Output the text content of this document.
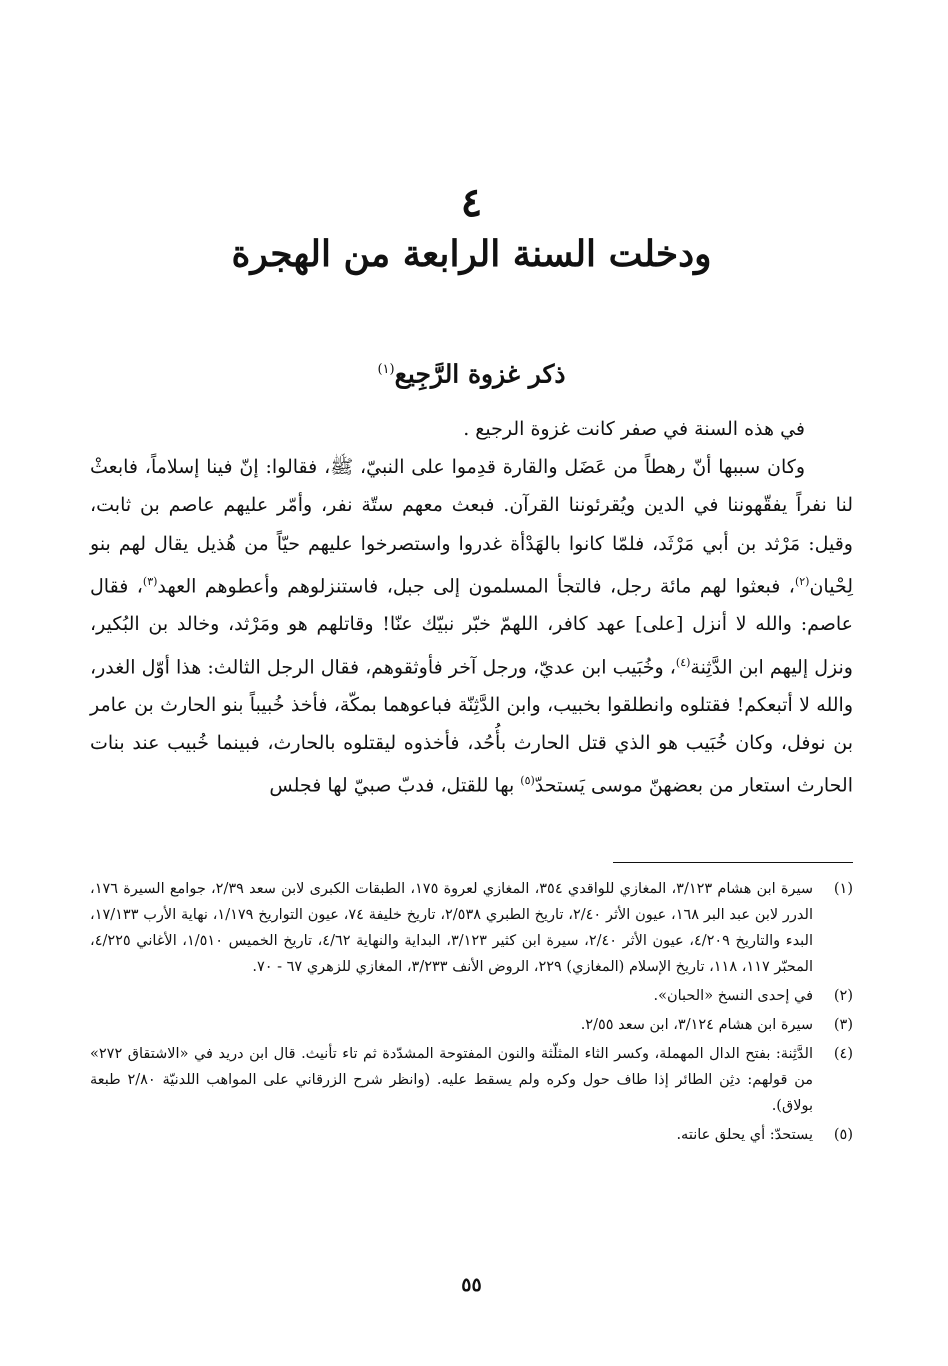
٤
ودخلت السنة الرابعة من الهجرة
ذكر غزوة الرَّجِيع$^{(١)}$

في هذه السنة في صفر كانت غزوة الرجيع .

وكان سببها أنّ رهطاً من عَضَل والقارة قدِموا على النبيّ، ﷺ، فقالوا: إنّ فينا إسلاماً، فابعثْ لنا نفراً يفقّهوننا في الدين ويُقرئوننا القرآن. فبعث معهم ستّة نفر، وأمّر عليهم عاصم بن ثابت، وقيل: مَرْثد بن أبي مَرْثَد، فلمّا كانوا بالهَدْأة غدروا واستصرخوا عليهم حيّاً من هُذيل يقال لهم بنو لِحْيان$^{(٢)}$، فبعثوا لهم مائة رجل، فالتجأ المسلمون إلى جبل، فاستنزلوهم وأعطوهم العهد$^{(٣)}$، فقال عاصم: والله لا أنزل [على] عهد كافر، اللهمّ خبّر نبيّك عنّا! وقاتلهم هو ومَرْثد، وخالد بن البُكير، ونزل إليهم ابن الدَّثِنة$^{(٤)}$، وخُبَيب ابن عديّ، ورجل آخر فأوثقوهم، فقال الرجل الثالث: هذا أوّل الغدر، والله لا أتبعكم! فقتلوه وانطلقوا بخبيب، وابن الدَّثِنّة فباعوهما بمكّة، فأخذ خُبيباً بنو الحارث بن عامر بن نوفل، وكان خُبَيب هو الذي قتل الحارث بأُحُد، فأخذوه ليقتلوه بالحارث، فبينما خُبيب عند بنات الحارث استعار من بعضهنّ موسى يَستحدّ$^{(٥)}$ بها للقتل، فدبّ صبيّ لها فجلس

(١)
سيرة ابن هشام ٣/١٢٣، المغازي للواقدي ٣٥٤، المغازي لعروة ١٧٥، الطبقات الكبرى لابن سعد ٢/٣٩، جوامع السيرة ١٧٦، الدرر لابن عبد البر ١٦٨، عيون الأثر ٢/٤٠، تاريخ الطبري ٢/٥٣٨، تاريخ خليفة ٧٤، عيون التواريخ ١/١٧٩، نهاية الأرب ١٧/١٣٣، البدء والتاريخ ٤/٢٠٩، عيون الأثر ٢/٤٠، سيرة ابن كثير ٣/١٢٣، البداية والنهاية ٤/٦٢، تاريخ الخميس ١/٥١٠، الأغاني ٤/٢٢٥، المحبّر ١١٧، ١١٨، تاريخ الإسلام (المغازي) ٢٢٩، الروض الأنف ٣/٢٣٣، المغازي للزهري ٦٧ - ٧٠.
(٢)
في إحدى النسخ «الحبان».
(٣)
سيرة ابن هشام ٣/١٢٤، ابن سعد ٢/٥٥.
(٤)
الدَّثِنة: بفتح الدال المهملة، وكسر الثاء المثلّثة والنون المفتوحة المشدّدة ثم تاء تأنيث. قال ابن دريد في «الاشتقاق ٢٧٢» من قولهم: دثِن الطائر إذا طاف حول وكره ولم يسقط عليه. (وانظر شرح الزرقاني على المواهب اللدنيّة ٢/٨٠ طبعة بولاق).
(٥)
يستحدّ: أي يحلق عانته.
٥٥
